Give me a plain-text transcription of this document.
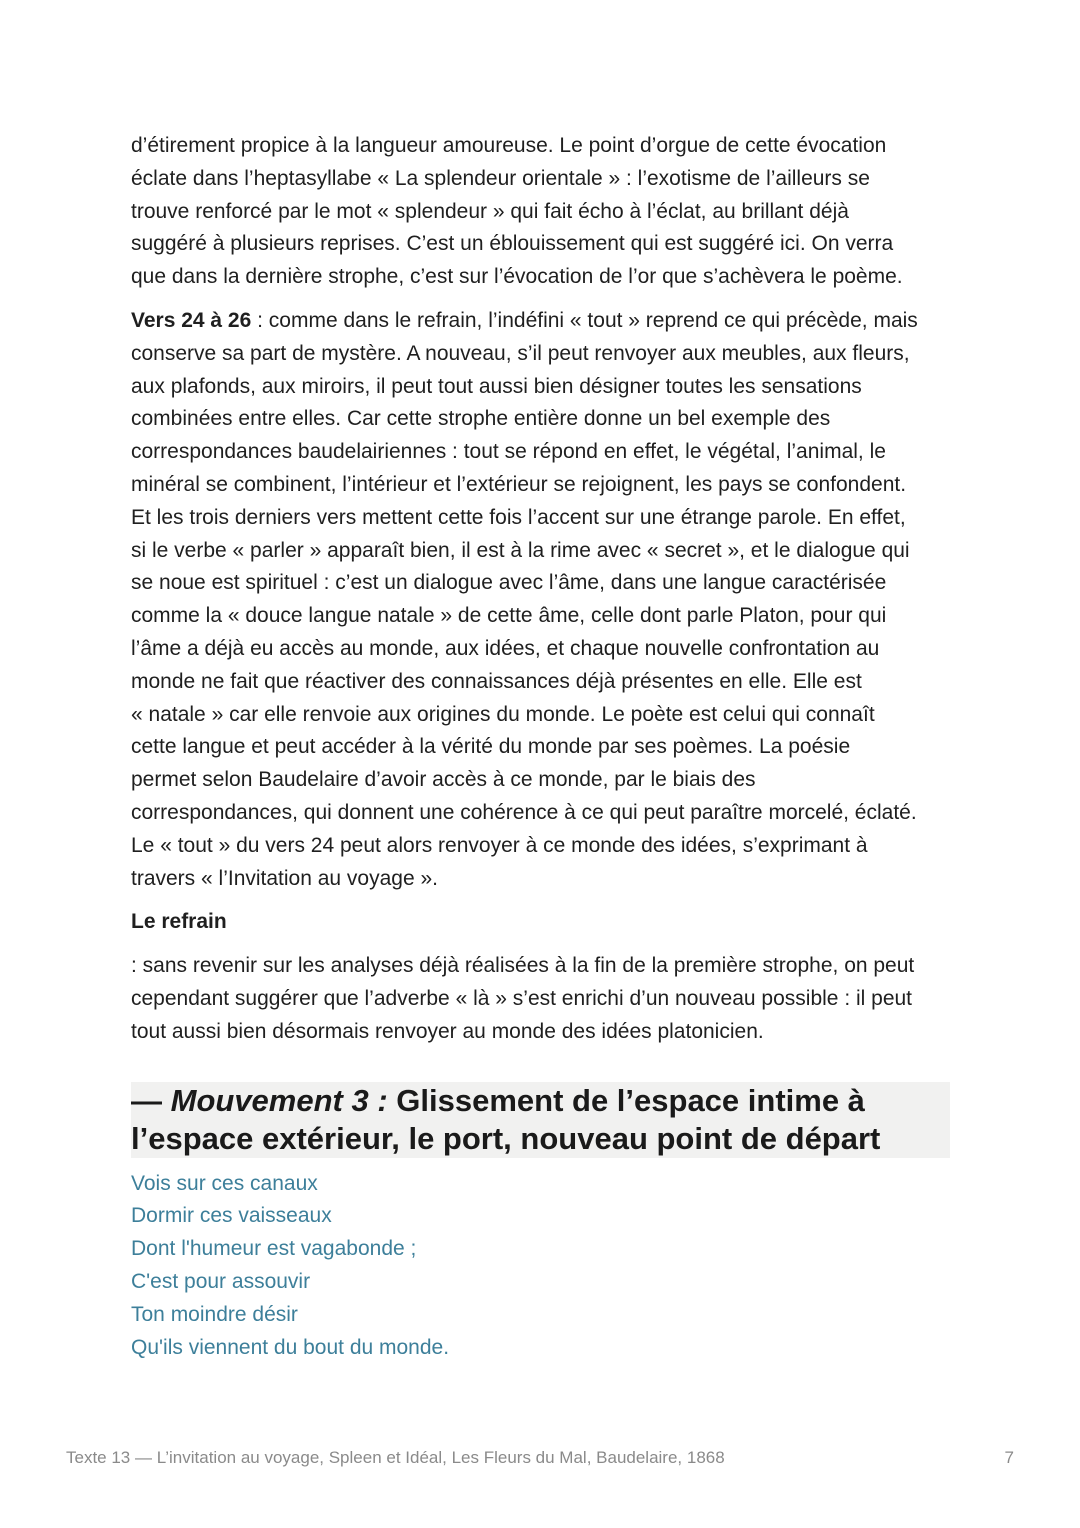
d’étirement propice à la langueur amoureuse. Le point d’orgue de cette évocation

éclate dans l’heptasyllabe « La splendeur orientale » : l’exotisme de l’ailleurs se

trouve renforcé par le mot « splendeur » qui fait écho à l’éclat, au brillant déjà

suggéré à plusieurs reprises. C’est un éblouissement qui est suggéré ici. On verra

que dans la dernière strophe, c’est sur l’évocation de l’or que s’achèvera le poème.

Vers 24 à 26 : comme dans le refrain, l’indéfini « tout » reprend ce qui précède, mais

conserve sa part de mystère. A nouveau, s’il peut renvoyer aux meubles, aux fleurs,

aux plafonds, aux miroirs, il peut tout aussi bien désigner toutes les sensations

combinées entre elles. Car cette strophe entière donne un bel exemple des

correspondances baudelairiennes : tout se répond en effet, le végétal, l’animal, le

minéral se combinent, l’intérieur et l’extérieur se rejoignent, les pays se confondent.

Et les trois derniers vers mettent cette fois l’accent sur une étrange parole. En effet,

si le verbe « parler » apparaît bien, il est à la rime avec « secret », et le dialogue qui

se noue est spirituel : c’est un dialogue avec l’âme, dans une langue caractérisée

comme la « douce langue natale » de cette âme, celle dont parle Platon, pour qui

l’âme a déjà eu accès au monde, aux idées, et chaque nouvelle confrontation au

monde ne fait que réactiver des connaissances déjà présentes en elle. Elle est

« natale » car elle renvoie aux origines du monde. Le poète est celui qui connaît

cette langue et peut accéder à la vérité du monde par ses poèmes. La poésie

permet selon Baudelaire d’avoir accès à ce monde, par le biais des

correspondances, qui donnent une cohérence à ce qui peut paraître morcelé, éclaté.

Le « tout » du vers 24 peut alors renvoyer à ce monde des idées, s’exprimant à

travers « l’Invitation au voyage ».

Le refrain

: sans revenir sur les analyses déjà réalisées à la fin de la première strophe, on peut

cependant suggérer que l’adverbe « là » s’est enrichi d’un nouveau possible : il peut

tout aussi bien désormais renvoyer au monde des idées platonicien.

— Mouvement 3 : Glissement de l’espace intime à
l’espace extérieur, le port, nouveau point de départ

Vois sur ces canaux

Dormir ces vaisseaux

Dont l'humeur est vagabonde ;

C'est pour assouvir

Ton moindre désir

Qu'ils viennent du bout du monde.

Texte 13 — L’invitation au voyage, Spleen et Idéal, Les Fleurs du Mal, Baudelaire, 1868	7
